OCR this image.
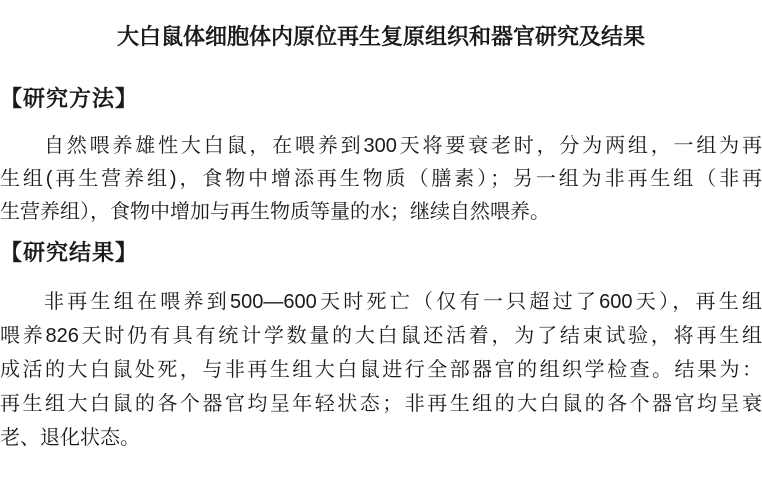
大白鼠体细胞体内原位再生复原组织和器官研究及结果
【研究方法】
自然喂养雄性大白鼠，在喂养到300天将要衰老时，分为两组，一组为再
生组(再生营养组)，食物中增添再生物质（膳素）；另一组为非再生组（非再
生营养组），食物中增加与再生物质等量的水；继续自然喂养。
【研究结果】
非再生组在喂养到500—600天时死亡（仅有一只超过了600天），再生组
喂养826天时仍有具有统计学数量的大白鼠还活着，为了结束试验，将再生组
成活的大白鼠处死，与非再生组大白鼠进行全部器官的组织学检查。结果为：
再生组大白鼠的各个器官均呈年轻状态；非再生组的大白鼠的各个器官均呈衰
老、退化状态。
